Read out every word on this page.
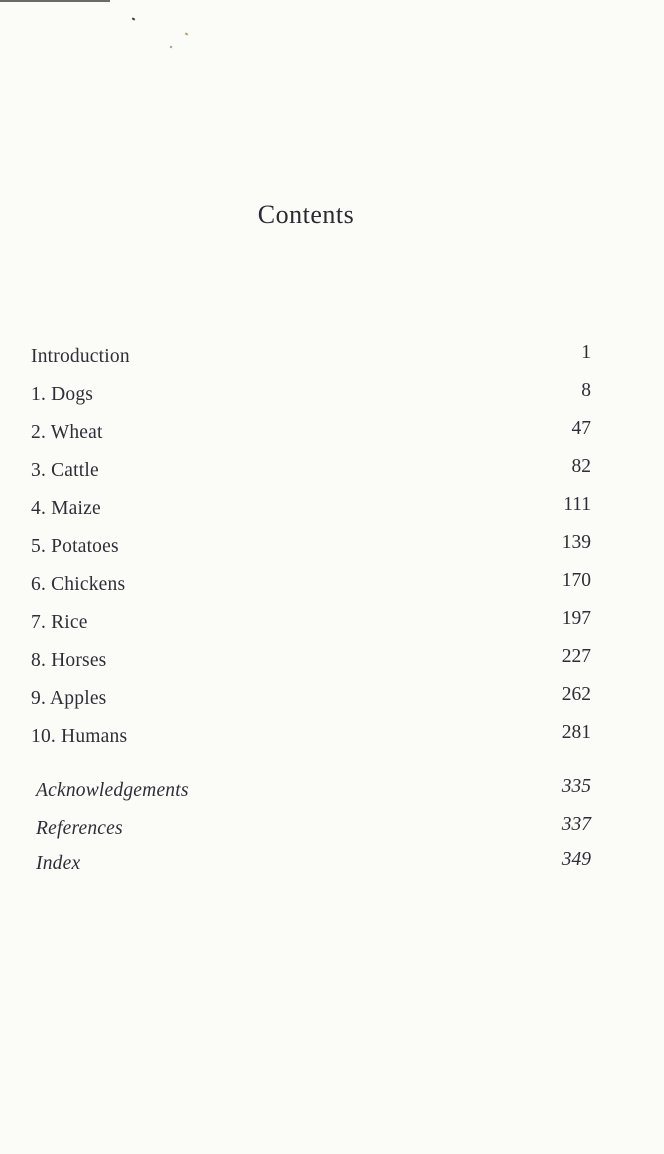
Contents
Introduction	1
1. Dogs	8
2. Wheat	47
3. Cattle	82
4. Maize	111
5. Potatoes	139
6. Chickens	170
7. Rice	197
8. Horses	227
9. Apples	262
10. Humans	281
Acknowledgements	335
References	337
Index	349
